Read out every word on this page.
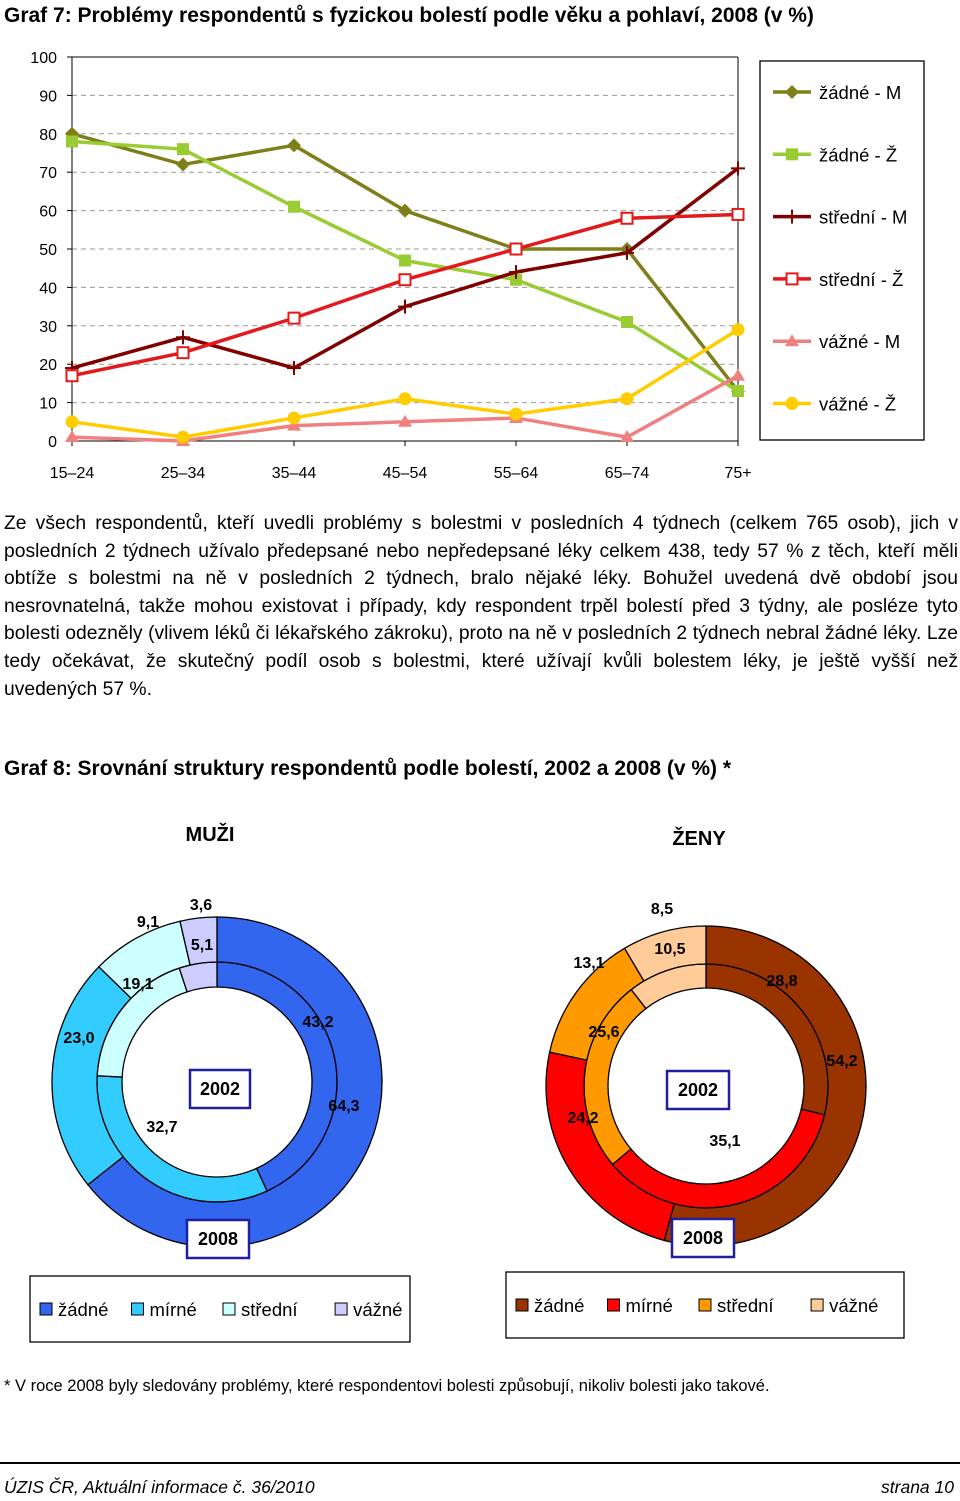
Graf 7: Problémy respondentů s fyzickou bolestí podle věku a pohlaví, 2008 (v %)
0
10
20
30
40
50
60
70
80
90
100
15–24	25–34	35–44	45–54	55–64	65–74	75+
žádné - M
žádné - Ž
střední - M
střední - Ž
vážné - M
vážné - Ž
Ze všech respondentů, kteří uvedli problémy s bolestmi v posledních 4 týdnech (celkem 765 osob), jich v posledních 2 týdnech užívalo předepsané nebo nepředepsané léky celkem 438, tedy 57 % z těch, kteří měli obtíže s bolestmi na ně v posledních 2 týdnech, bralo nějaké léky. Bohužel uvedená dvě období jsou nesrovnatelná, takže mohou existovat i případy, kdy respondent trpěl bolestí před 3 týdny, ale posléze tyto bolesti odezněly (vlivem léků či lékařského zákroku), proto na ně v posledních 2 týdnech nebral žádné léky. Lze tedy očekávat, že skutečný podíl osob s bolestmi, které užívají kvůli bolestem léky, je ještě vyšší než uvedených 57 %.
Graf 8: Srovnání struktury respondentů podle bolestí, 2002 a 2008 (v %) *
MUŽI
43,2
32,7
19,1
5,1
64,3
23,0
9,1
3,6
2002
2008
žádné mírné střední	vážné
ŽENY
28,8
35,1
25,6
10,5
54,2
24,2
13,1
8,5
2002
2008
žádné mírné střední	vážné
* V roce 2008 byly sledovány problémy, které respondentovi bolesti způsobují, nikoliv bolesti jako takové.
ÚZIS ČR, Aktuální informace č. 36/2010	strana 10
